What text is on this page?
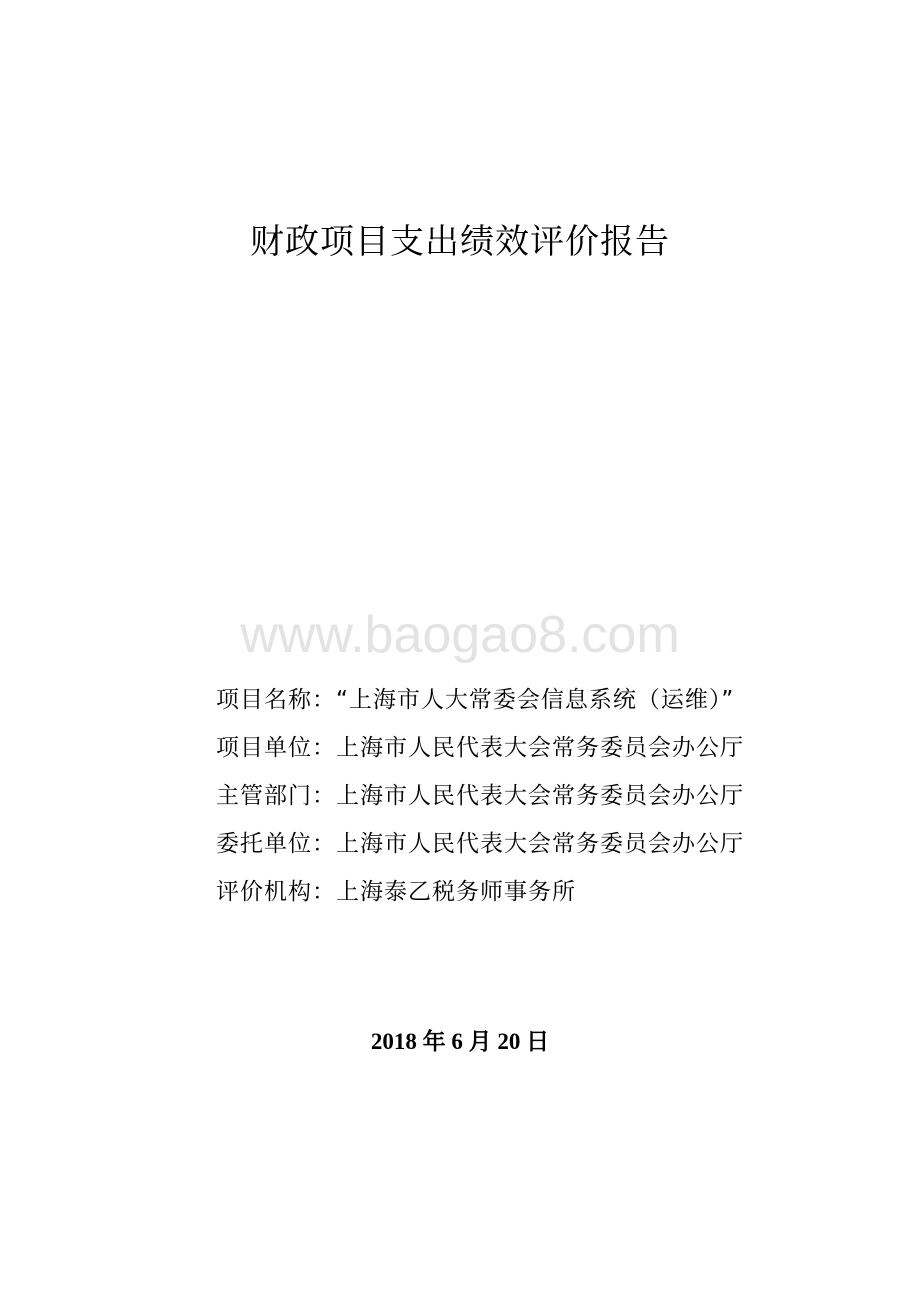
财政项目支出绩效评价报告
www.baogao8.com
项目名称：“上海市人大常委会信息系统（运维）”
项目单位：上海市人民代表大会常务委员会办公厅
主管部门：上海市人民代表大会常务委员会办公厅
委托单位：上海市人民代表大会常务委员会办公厅
评价机构：上海泰乙税务师事务所
2018 年 6 月 20 日
